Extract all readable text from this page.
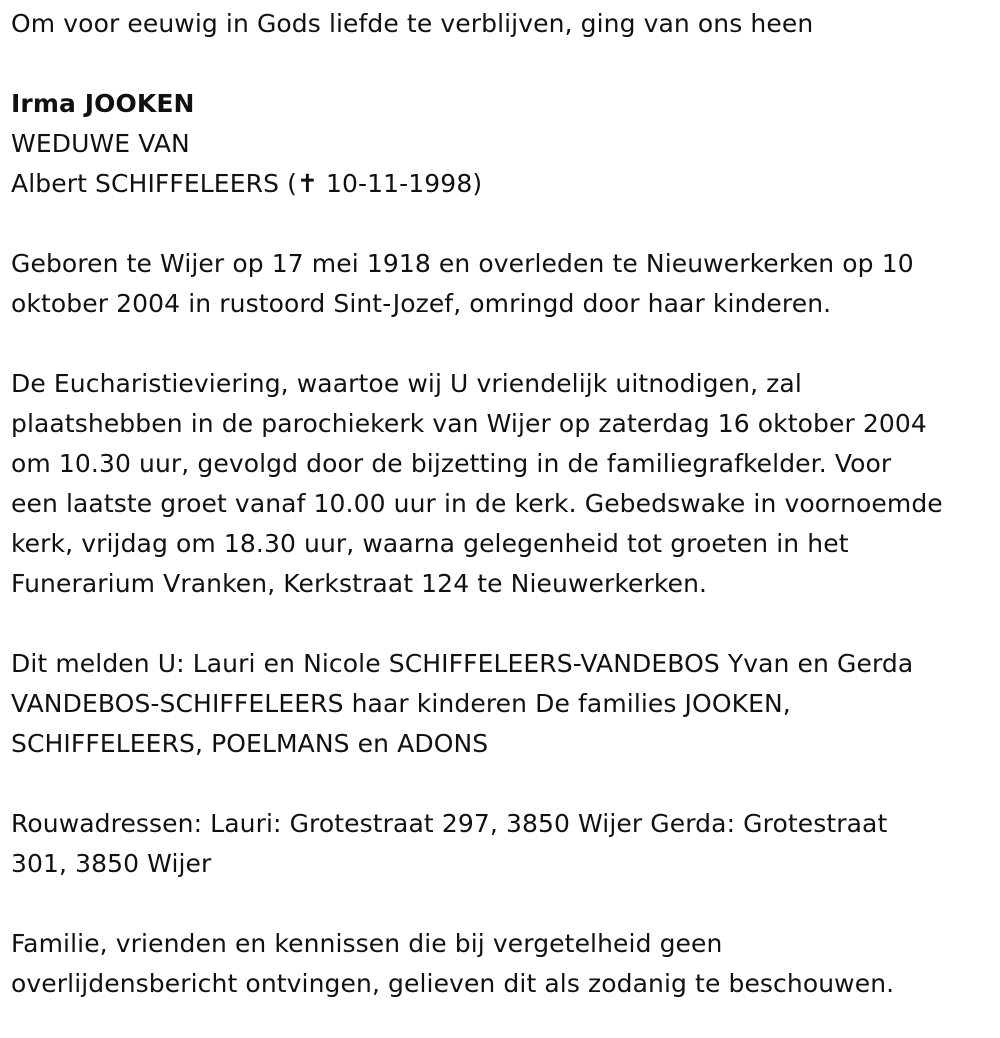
Om voor eeuwig in Gods liefde te verblijven, ging van ons heen

Irma JOOKEN

WEDUWE VAN

Albert SCHIFFELEERS (✝ 10-11-1998)

Geboren te Wijer op 17 mei 1918 en overleden te Nieuwerkerken op 10

oktober 2004 in rustoord Sint-Jozef, omringd door haar kinderen.

De Eucharistieviering, waartoe wij U vriendelijk uitnodigen, zal

plaatshebben in de parochiekerk van Wijer op zaterdag 16 oktober 2004

om 10.30 uur, gevolgd door de bijzetting in de familiegrafkelder. Voor

een laatste groet vanaf 10.00 uur in de kerk. Gebedswake in voornoemde

kerk, vrijdag om 18.30 uur, waarna gelegenheid tot groeten in het

Funerarium Vranken, Kerkstraat 124 te Nieuwerkerken.

Dit melden U: Lauri en Nicole SCHIFFELEERS-VANDEBOS Yvan en Gerda

VANDEBOS-SCHIFFELEERS haar kinderen De families JOOKEN,

SCHIFFELEERS, POELMANS en ADONS

Rouwadressen: Lauri: Grotestraat 297, 3850 Wijer Gerda: Grotestraat

301, 3850 Wijer

Familie, vrienden en kennissen die bij vergetelheid geen

overlijdensbericht ontvingen, gelieven dit als zodanig te beschouwen.
